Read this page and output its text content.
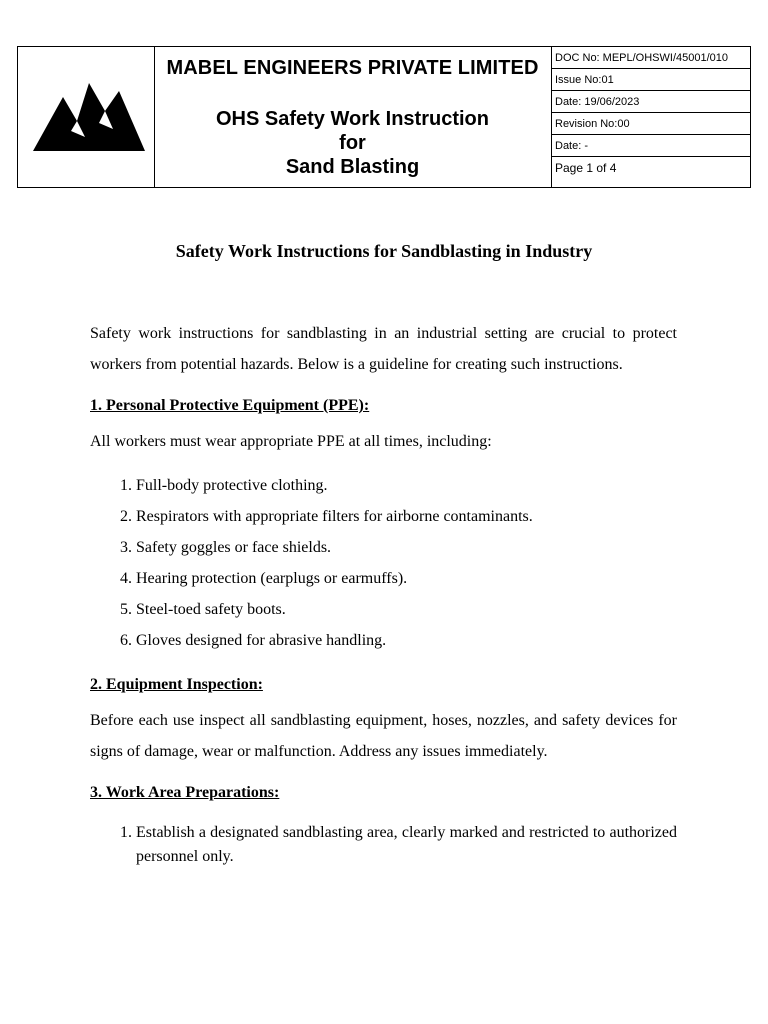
MABEL ENGINEERS PRIVATE LIMITED
OHS Safety Work Instruction
for
Sand Blasting
DOC No: MEPL/OHSWI/45001/010
Issue No:01
Date: 19/06/2023
Revision No:00
Date: -
Page 1 of 4
Safety Work Instructions for Sandblasting in Industry

Safety work instructions for sandblasting in an industrial setting are crucial to protect workers from potential hazards. Below is a guideline for creating such instructions.

1. Personal Protective Equipment (PPE):

All workers must wear appropriate PPE at all times, including:

1. Full-body protective clothing.
2. Respirators with appropriate filters for airborne contaminants.
3. Safety goggles or face shields.
4. Hearing protection (earplugs or earmuffs).
5. Steel-toed safety boots.
6. Gloves designed for abrasive handling.

2. Equipment Inspection:

Before each use inspect all sandblasting equipment, hoses, nozzles, and safety devices for signs of damage, wear or malfunction. Address any issues immediately.

3. Work Area Preparations:

1. Establish a designated sandblasting area, clearly marked and restricted to authorized personnel only.
